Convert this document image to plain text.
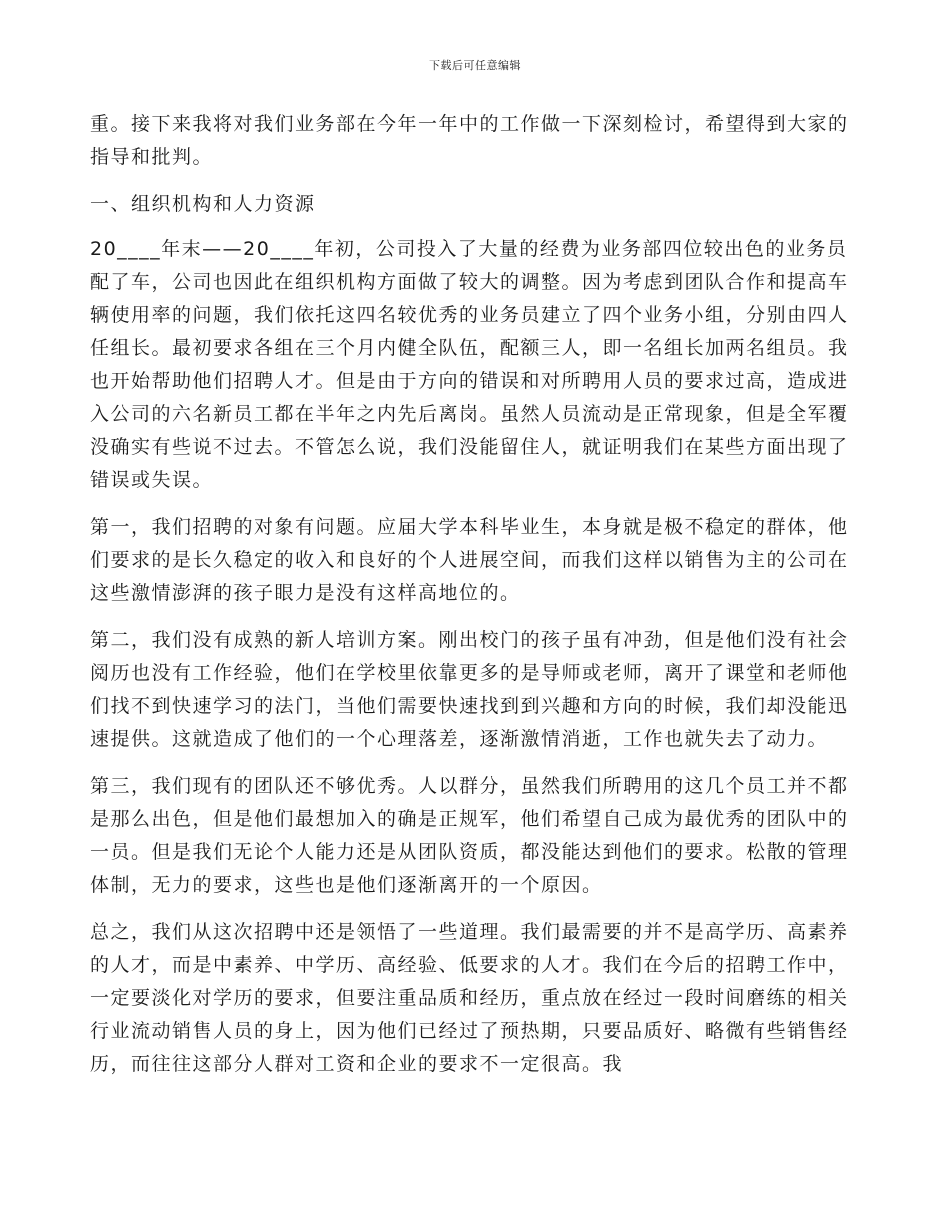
下载后可任意编辑

重。接下来我将对我们业务部在今年一年中的工作做一下深刻检讨，希望得到大家的指导和批判。

一、组织机构和人力资源

20____年末——20____年初，公司投入了大量的经费为业务部四位较出色的业务员配了车，公司也因此在组织机构方面做了较大的调整。因为考虑到团队合作和提高车辆使用率的问题，我们依托这四名较优秀的业务员建立了四个业务小组，分别由四人任组长。最初要求各组在三个月内健全队伍，配额三人，即一名组长加两名组员。我也开始帮助他们招聘人才。但是由于方向的错误和对所聘用人员的要求过高，造成进入公司的六名新员工都在半年之内先后离岗。虽然人员流动是正常现象，但是全军覆没确实有些说不过去。不管怎么说，我们没能留住人，就证明我们在某些方面出现了错误或失误。

第一，我们招聘的对象有问题。应届大学本科毕业生，本身就是极不稳定的群体，他们要求的是长久稳定的收入和良好的个人进展空间，而我们这样以销售为主的公司在这些激情澎湃的孩子眼力是没有这样高地位的。

第二，我们没有成熟的新人培训方案。刚出校门的孩子虽有冲劲，但是他们没有社会阅历也没有工作经验，他们在学校里依靠更多的是导师或老师，离开了课堂和老师他们找不到快速学习的法门，当他们需要快速找到到兴趣和方向的时候，我们却没能迅速提供。这就造成了他们的一个心理落差，逐渐激情消逝，工作也就失去了动力。

第三，我们现有的团队还不够优秀。人以群分，虽然我们所聘用的这几个员工并不都是那么出色，但是他们最想加入的确是正规军，他们希望自己成为最优秀的团队中的一员。但是我们无论个人能力还是从团队资质，都没能达到他们的要求。松散的管理体制，无力的要求，这些也是他们逐渐离开的一个原因。

总之，我们从这次招聘中还是领悟了一些道理。我们最需要的并不是高学历、高素养的人才，而是中素养、中学历、高经验、低要求的人才。我们在今后的招聘工作中，一定要淡化对学历的要求，但要注重品质和经历，重点放在经过一段时间磨练的相关行业流动销售人员的身上，因为他们已经过了预热期，只要品质好、略微有些销售经历，而往往这部分人群对工资和企业的要求不一定很高。我
